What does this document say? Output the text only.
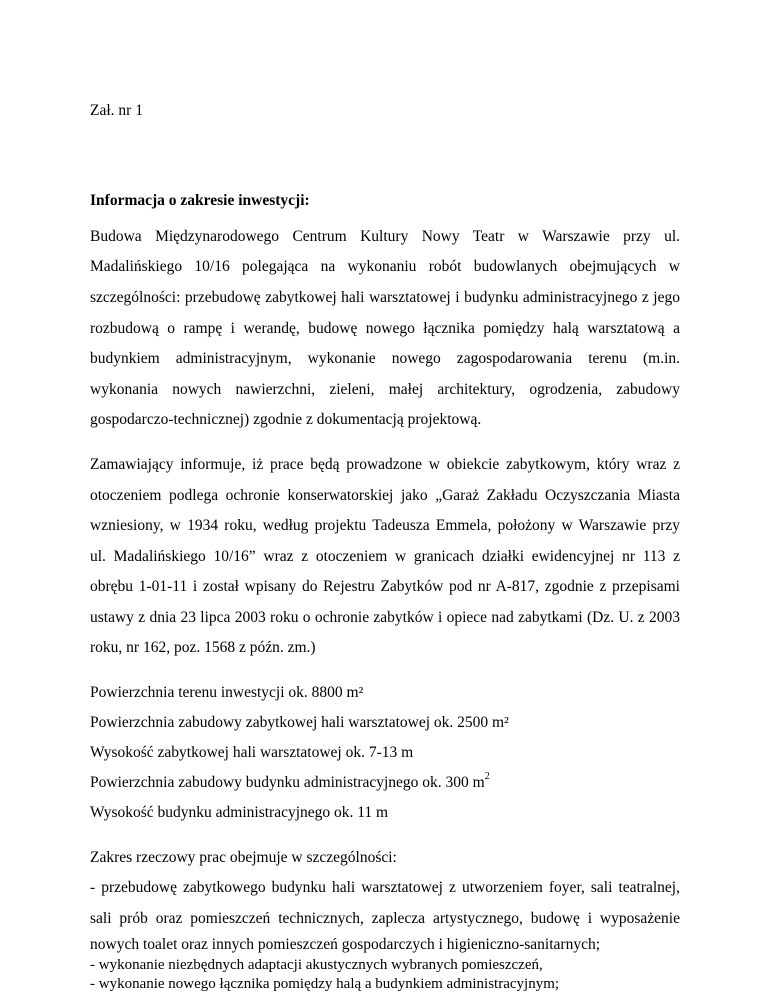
Zał. nr 1
Informacja o zakresie inwestycji:
Budowa Międzynarodowego Centrum Kultury Nowy Teatr w Warszawie przy ul.
Madalińskiego 10/16 polegająca na wykonaniu robót budowlanych obejmujących w
szczególności: przebudowę zabytkowej hali warsztatowej i budynku administracyjnego z jego
rozbudową o rampę i werandę, budowę nowego łącznika pomiędzy halą warsztatową a
budynkiem administracyjnym, wykonanie nowego zagospodarowania terenu (m.in.
wykonania nowych nawierzchni, zieleni, małej architektury, ogrodzenia, zabudowy
gospodarczo-technicznej) zgodnie z dokumentacją projektową.
Zamawiający informuje, iż prace będą prowadzone w obiekcie zabytkowym, który wraz z
otoczeniem podlega ochronie konserwatorskiej jako „Garaż Zakładu Oczyszczania Miasta
wzniesiony, w 1934 roku, według projektu Tadeusza Emmela, położony w Warszawie przy
ul. Madalińskiego 10/16” wraz z otoczeniem w granicach działki ewidencyjnej nr 113 z
obrębu 1-01-11 i został wpisany do Rejestru Zabytków pod nr A-817, zgodnie z przepisami
ustawy z dnia 23 lipca 2003 roku o ochronie zabytków i opiece nad zabytkami (Dz. U. z 2003
roku, nr 162, poz. 1568 z późn. zm.)
Powierzchnia terenu inwestycji ok. 8800 m²
Powierzchnia zabudowy zabytkowej hali warsztatowej ok. 2500 m²
Wysokość zabytkowej hali warsztatowej ok. 7-13 m
Powierzchnia zabudowy budynku administracyjnego ok. 300 $m^2$
Wysokość budynku administracyjnego ok. 11 m
Zakres rzeczowy prac obejmuje w szczególności:
- przebudowę zabytkowego budynku hali warsztatowej z utworzeniem foyer, sali teatralnej,
sali prób oraz pomieszczeń technicznych, zaplecza artystycznego, budowę i wyposażenie
nowych toalet oraz innych pomieszczeń gospodarczych i higieniczno-sanitarnych;
- wykonanie niezbędnych adaptacji akustycznych wybranych pomieszczeń,
- wykonanie nowego łącznika pomiędzy halą a budynkiem administracyjnym;
